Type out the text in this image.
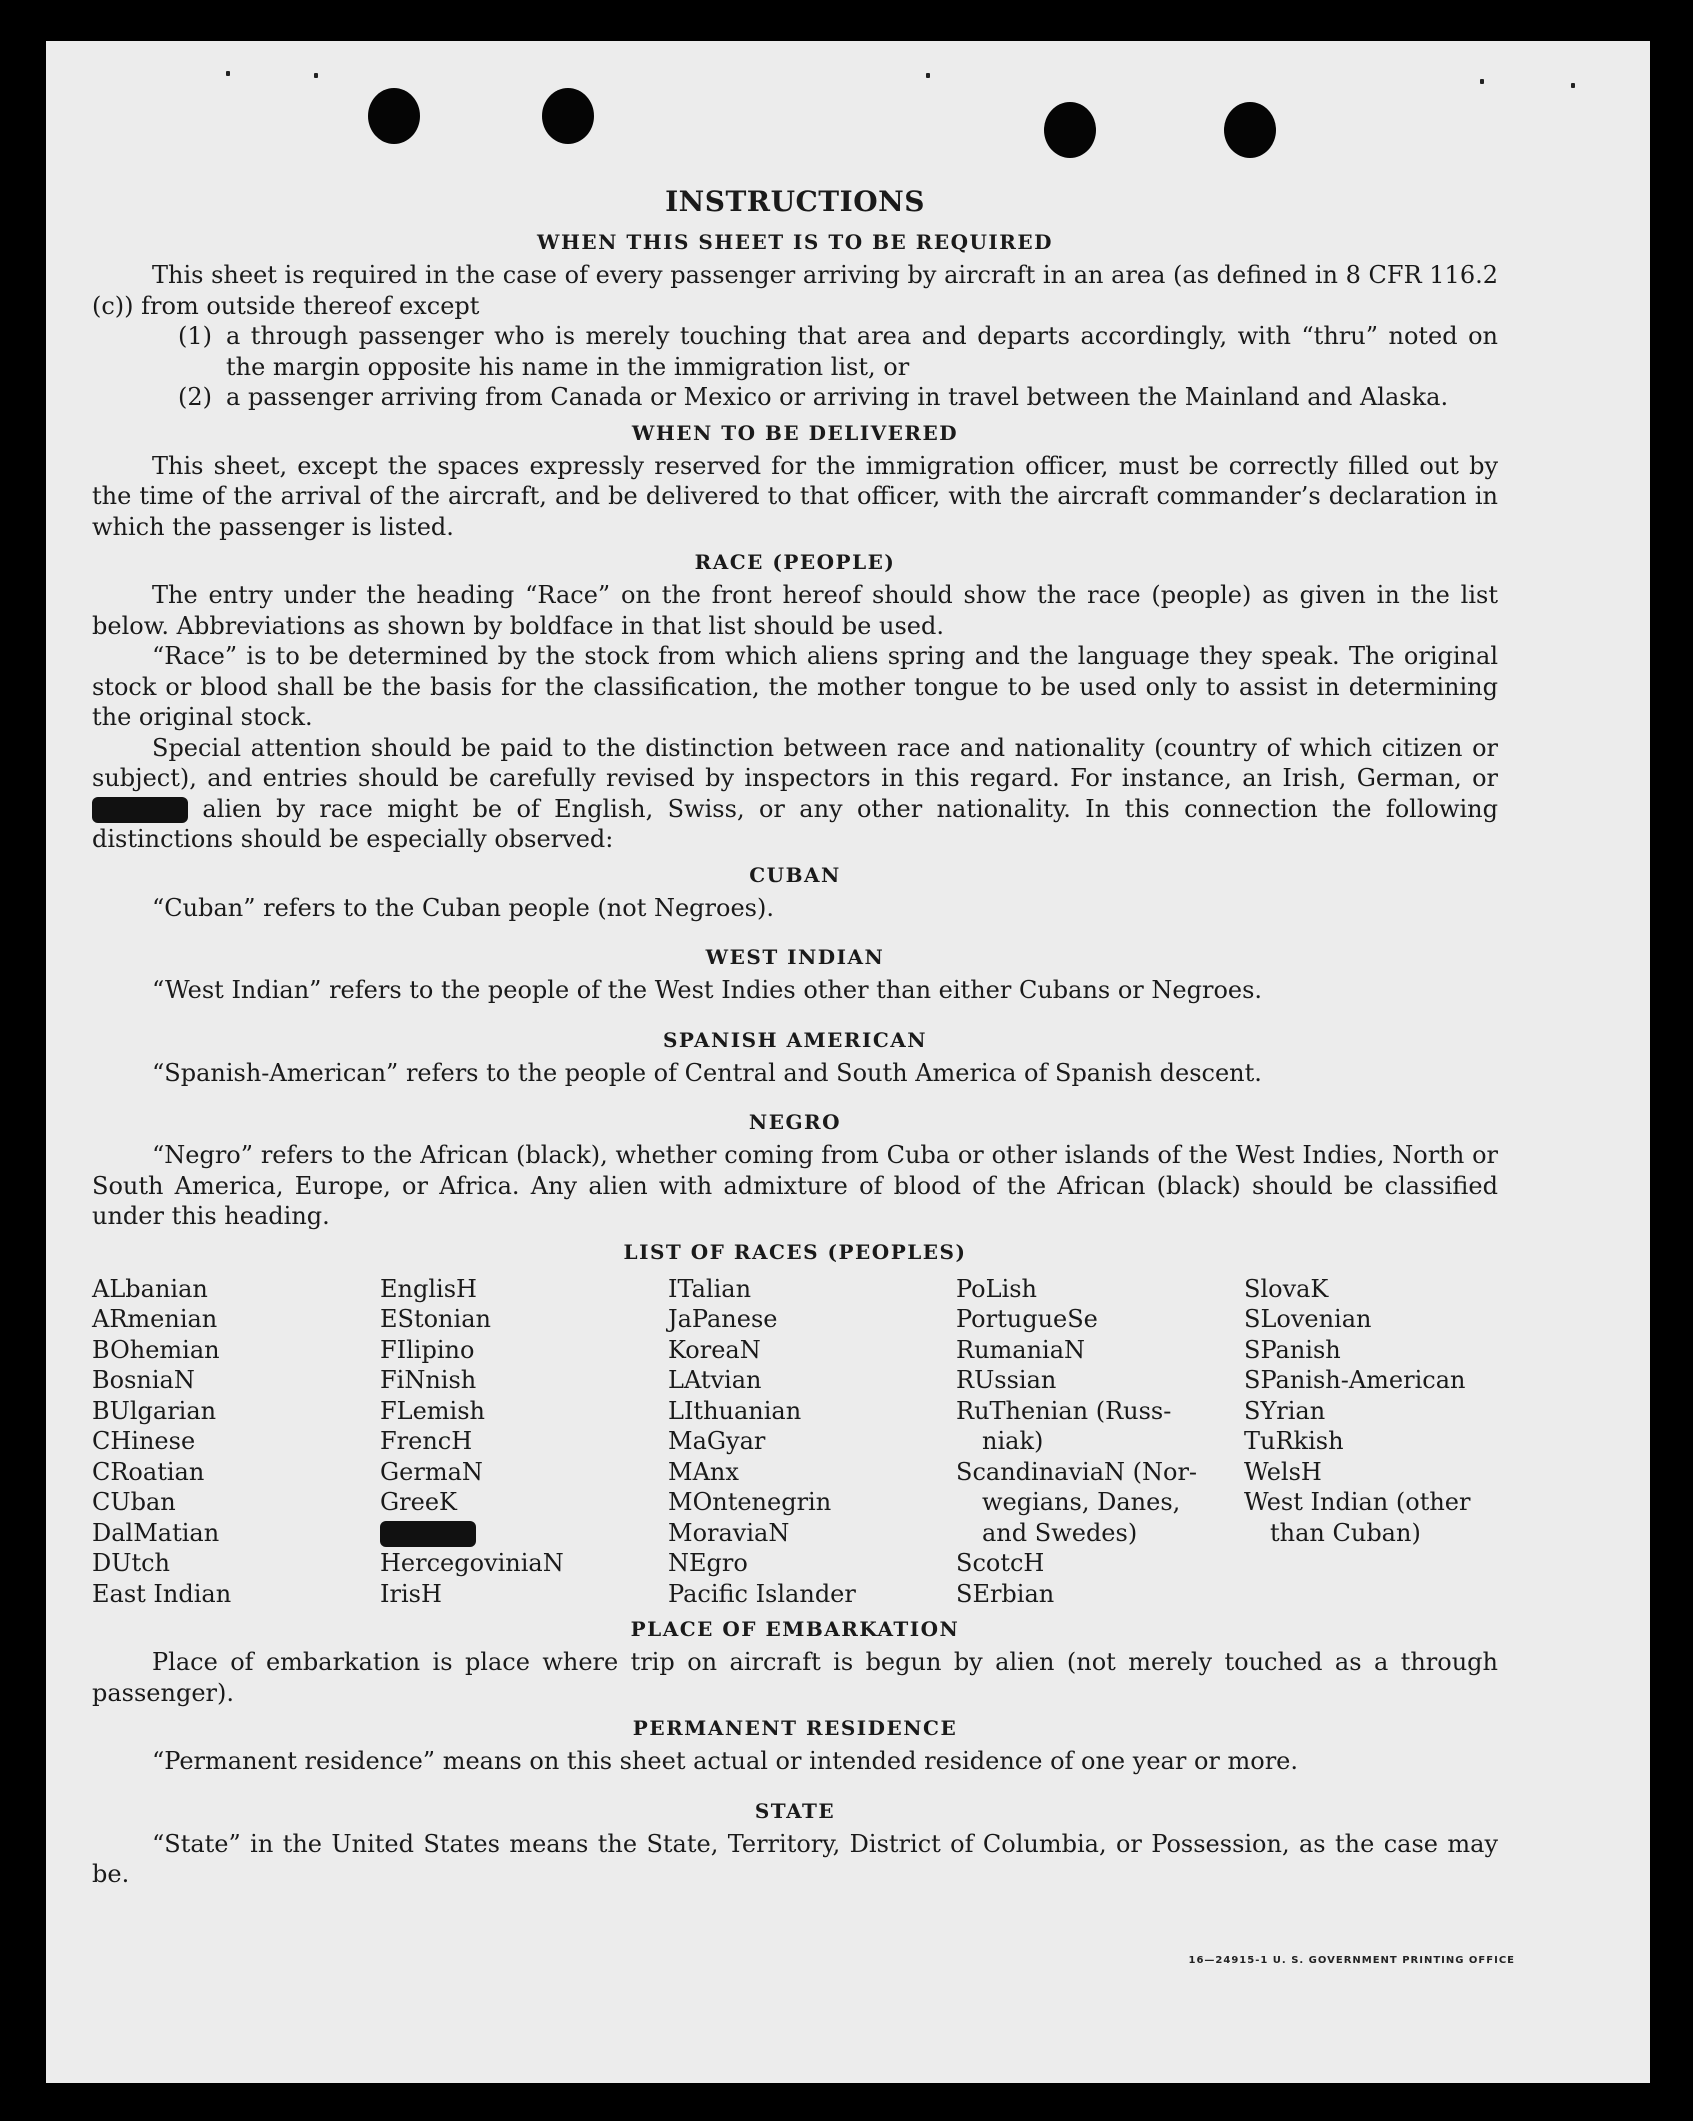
INSTRUCTIONS
WHEN THIS SHEET IS TO BE REQUIRED

This sheet is required in the case of every passenger arriving by aircraft in an area (as defined in 8 CFR 116.2 (c)) from outside thereof except

(1) a through passenger who is merely touching that area and departs accordingly, with “thru” noted on the margin opposite his name in the immigration list, or
(2) a passenger arriving from Canada or Mexico or arriving in travel between the Mainland and Alaska.
WHEN TO BE DELIVERED

This sheet, except the spaces expressly reserved for the immigration officer, must be correctly filled out by the time of the arrival of the aircraft, and be delivered to that officer, with the aircraft commander’s declaration in which the passenger is listed.

RACE (PEOPLE)

The entry under the heading “Race” on the front hereof should show the race (people) as given in the list below. Abbreviations as shown by boldface in that list should be used.

“Race” is to be determined by the stock from which aliens spring and the language they speak. The original stock or blood shall be the basis for the classification, the mother tongue to be used only to assist in determining the original stock.

Special attention should be paid to the distinction between race and nationality (country of which citizen or subject), and entries should be carefully revised by inspectors in this regard. For instance, an Irish, German, or  alien by race might be of English, Swiss, or any other nationality. In this connection the following distinctions should be especially observed:

CUBAN

“Cuban” refers to the Cuban people (not Negroes).

WEST INDIAN

“West Indian” refers to the people of the West Indies other than either Cubans or Negroes.

SPANISH AMERICAN

“Spanish-American” refers to the people of Central and South America of Spanish descent.

NEGRO

“Negro” refers to the African (black), whether coming from Cuba or other islands of the West Indies, North or South America, Europe, or Africa. Any alien with admixture of blood of the African (black) should be classified under this heading.

LIST OF RACES (PEOPLES)
ALbanian
ARmenian
BOhemian
BosniaN
BUlgarian
CHinese
CRoatian
CUban
DalMatian
DUtch
East Indian
EnglisH
EStonian
FIlipino
FiNnish
FLemish
FrencH
GermaN
GreeK
HercegoviniaN
IrisH
ITalian
JaPanese
KoreaN
LAtvian
LIthuanian
MaGyar
MAnx
MOntenegrin
MoraviaN
NEgro
Pacific Islander
PoLish
PortugueSe
RumaniaN
RUssian
RuThenian (Russ-
niak)
ScandinaviaN (Nor-
wegians, Danes,
and Swedes)
ScotcH
SErbian
SlovaK
SLovenian
SPanish
SPanish-American
SYrian
TuRkish
WelsH
West Indian (other
than Cuban)

PLACE OF EMBARKATION

Place of embarkation is place where trip on aircraft is begun by alien (not merely touched as a through passenger).

PERMANENT RESIDENCE

“Permanent residence” means on this sheet actual or intended residence of one year or more.

STATE

“State” in the United States means the State, Territory, District of Columbia, or Possession, as the case may be.

16—24915-1 U. S. GOVERNMENT PRINTING OFFICE
